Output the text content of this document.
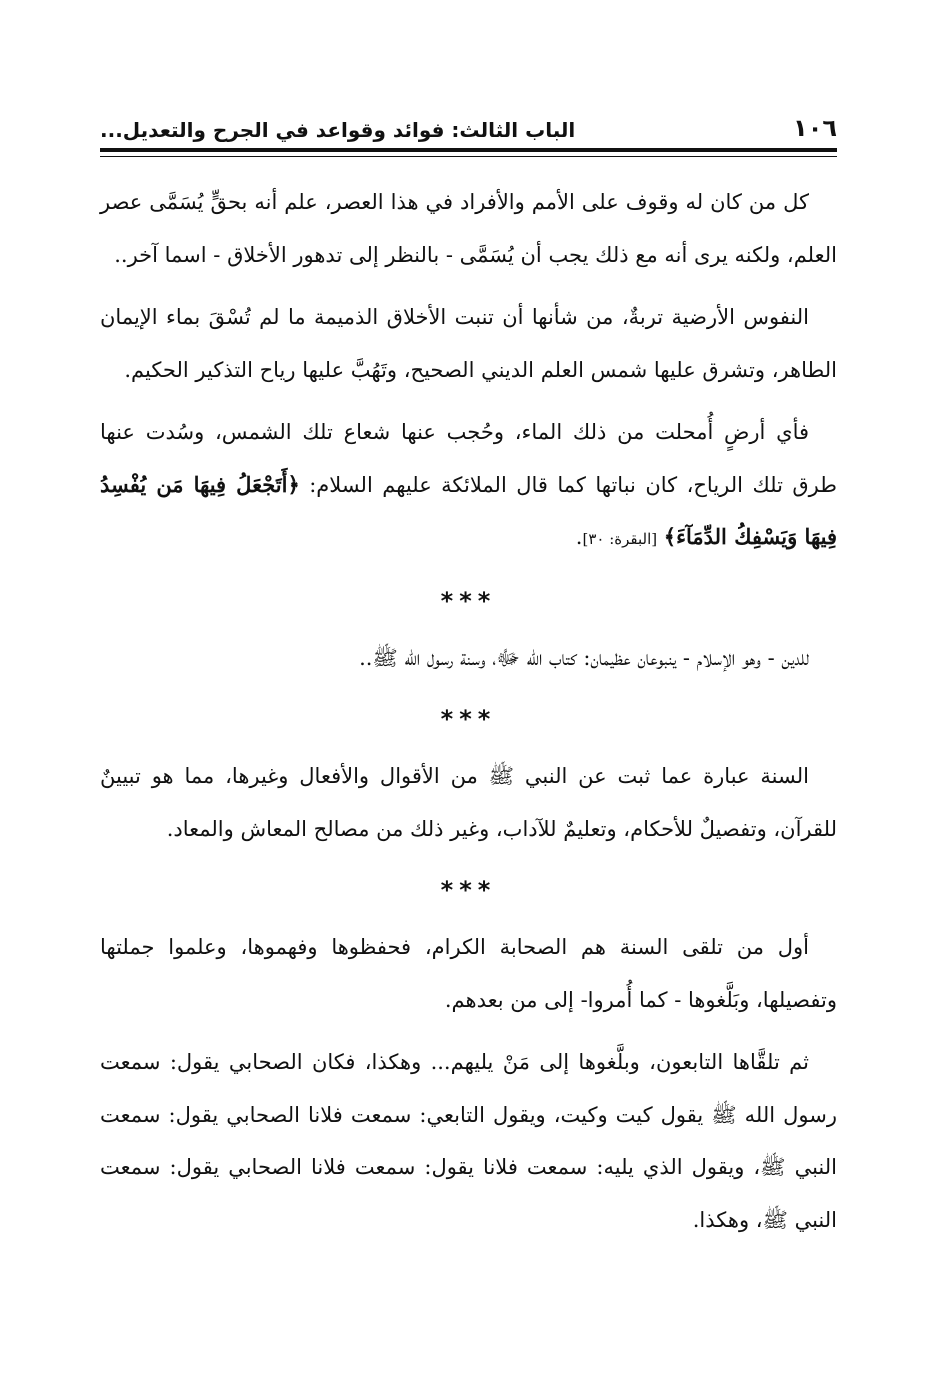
١٠٦
الباب الثالث: فوائد وقواعد في الجرح والتعديل...

كل من كان له وقوف على الأمم والأفراد في هذا العصر، علم أنه بحقٍّ يُسَمَّى عصر العلم، ولكنه يرى أنه مع ذلك يجب أن يُسَمَّى - بالنظر إلى تدهور الأخلاق - اسما آخر..

النفوس الأرضية تربةٌ، من شأنها أن تنبت الأخلاق الذميمة ما لم تُسْقَ بماء الإيمان الطاهر، وتشرق عليها شمس العلم الديني الصحيح، وتَهُبَّ عليها رياح التذكير الحكيم.

فأي أرضٍ أُمحلت من ذلك الماء، وحُجب عنها شعاع تلك الشمس، وسُدت عنها طرق تلك الرياح، كان نباتها كما قال الملائكة عليهم السلام: ﴿أَتَجْعَلُ فِيهَا مَن يُفْسِدُ فِيهَا وَيَسْفِكُ الدِّمَآءَ﴾ [البقرة: ٣٠].

***

للدين - وهو الإسلام - ينبوعان عظيمان: كتاب الله ﷻ، وسنة رسول الله ﷺ..

***

السنة عبارة عما ثبت عن النبي ﷺ من الأقوال والأفعال وغيرها، مما هو تبيينٌ للقرآن، وتفصيلٌ للأحكام، وتعليمٌ للآداب، وغير ذلك من مصالح المعاش والمعاد.

***

أول من تلقى السنة هم الصحابة الكرام، فحفظوها وفهموها، وعلموا جملتها وتفصيلها، وبَلَّغوها - كما أُمروا- إلى من بعدهم.

ثم تلقَّاها التابعون، وبلَّغوها إلى مَنْ يليهم... وهكذا، فكان الصحابي يقول: سمعت رسول الله ﷺ يقول كيت وكيت، ويقول التابعي: سمعت فلانا الصحابي يقول: سمعت النبي ﷺ، ويقول الذي يليه: سمعت فلانا يقول: سمعت فلانا الصحابي يقول: سمعت النبي ﷺ، وهكذا.
